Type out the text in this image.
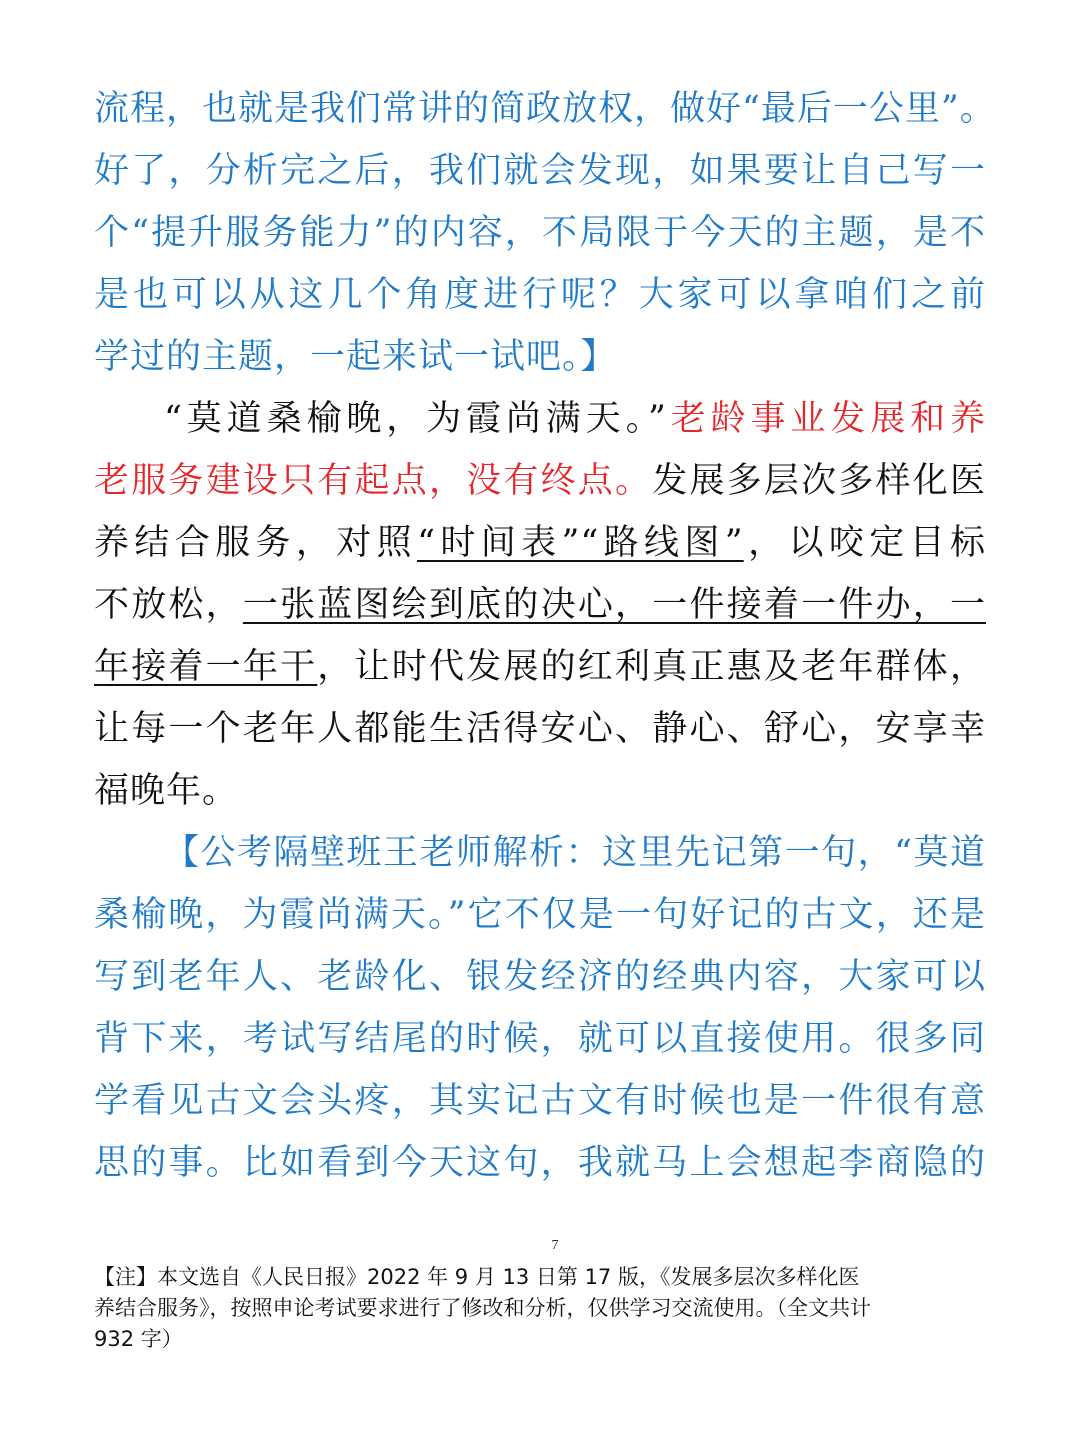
流程，也就是我们常讲的简政放权，做好“最后一公里”。
好了，分析完之后，我们就会发现，如果要让自己写一
个“提升服务能力”的内容，不局限于今天的主题，是不
是也可以从这几个角度进行呢？大家可以拿咱们之前
学过的主题，一起来试一试吧。】
“莫道桑榆晚，为霞尚满天。”老龄事业发展和养
老服务建设只有起点，没有终点。发展多层次多样化医
养结合服务，对照“时间表”“路线图”，以咬定目标
不放松，一张蓝图绘到底的决心，一件接着一件办，一
年接着一年干，让时代发展的红利真正惠及老年群体，
让每一个老年人都能生活得安心、静心、舒心，安享幸
福晚年。
【公考隔壁班王老师解析：这里先记第一句，“莫道
桑榆晚，为霞尚满天。”它不仅是一句好记的古文，还是
写到老年人、老龄化、银发经济的经典内容，大家可以
背下来，考试写结尾的时候，就可以直接使用。很多同
学看见古文会头疼，其实记古文有时候也是一件很有意
思的事。比如看到今天这句，我就马上会想起李商隐的
7
【注】本文选自《人民日报》2022 年 9 月 13 日第 17 版，《发展多层次多样化医
养结合服务》，按照申论考试要求进行了修改和分析，仅供学习交流使用。（全文共计
932 字）
